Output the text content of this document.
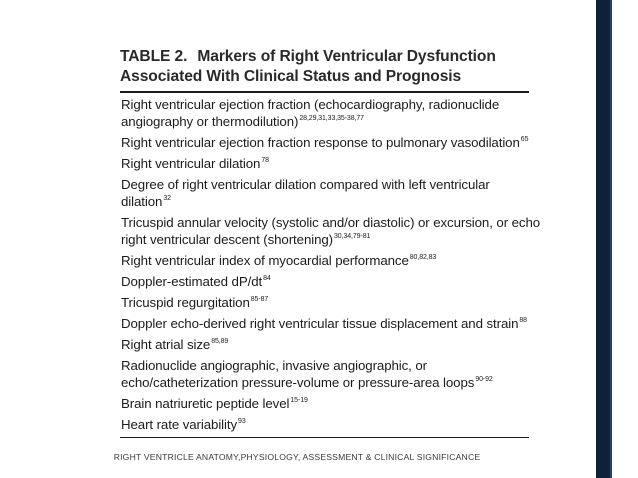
TABLE 2. Markers of Right Ventricular Dysfunction Associated With Clinical Status and Prognosis
Right ventricular ejection fraction (echocardiography, radionuclide angiography or thermodilution)$^{28,29,31,33,35-38,77}$
Right ventricular ejection fraction response to pulmonary vasodilation$^{65}$
Right ventricular dilation$^{78}$
Degree of right ventricular dilation compared with left ventricular dilation$^{32}$
Tricuspid annular velocity (systolic and/or diastolic) or excursion, or echo right ventricular descent (shortening)$^{30,34,79-81}$
Right ventricular index of myocardial performance$^{80,82,83}$
Doppler-estimated $dP/dt^{84}$
Tricuspid regurgitation$^{85-87}$
Doppler echo-derived right ventricular tissue displacement and strain$^{88}$
Right atrial size$^{85,89}$
Radionuclide angiographic, invasive angiographic, or echo/catheterization pressure-volume or pressure-area loops$^{90-92}$
Brain natriuretic peptide level$^{15-19}$
Heart rate variability$^{93}$
RIGHT VENTRICLE ANATOMY,PHYSIOLOGY, ASSESSMENT & CLINICAL SIGNIFICANCE
